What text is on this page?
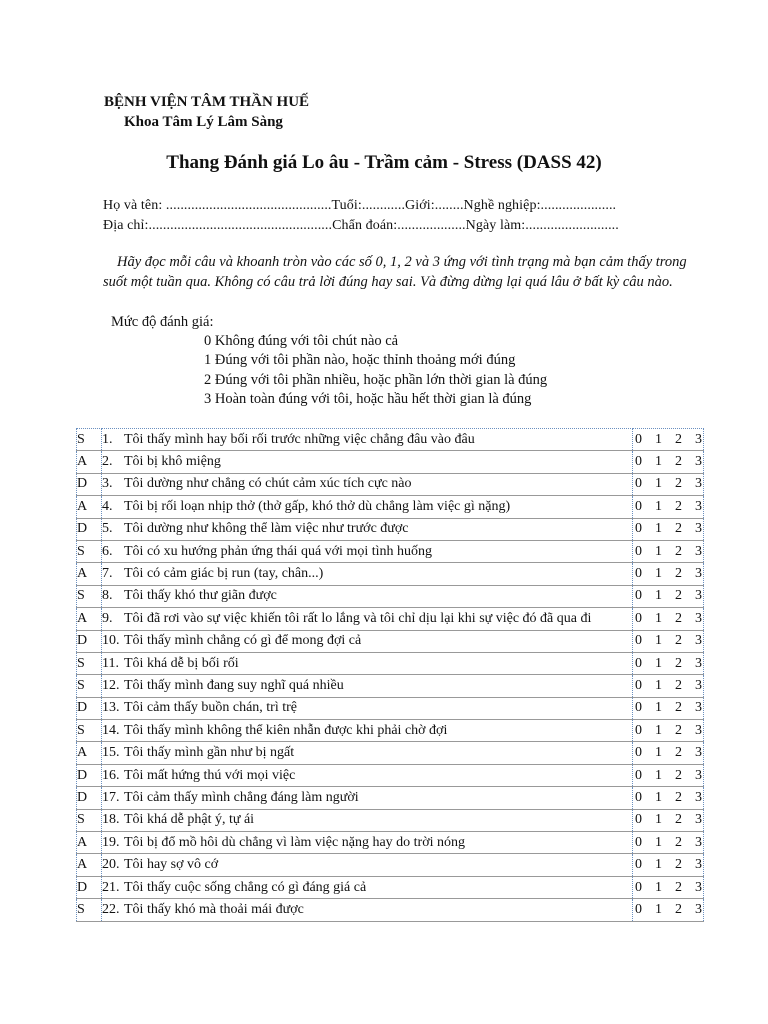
BỆNH VIỆN TÂM THẦN HUẾ
Khoa Tâm Lý Lâm Sàng
Thang Đánh giá Lo âu - Trầm cảm - Stress (DASS 42)
Họ và tên: ..............................................Tuổi:............Giới:........Nghề nghiệp:.....................
Địa chỉ:...................................................Chẩn đoán:...................Ngày làm:..........................
Hãy đọc mỗi câu và khoanh tròn vào các số 0, 1, 2 và 3 ứng với tình trạng mà bạn cảm thấy trong suốt một tuần qua. Không có câu trả lời đúng hay sai. Và đừng dừng lại quá lâu ở bất kỳ câu nào.
Mức độ đánh giá:
0 Không đúng với tôi chút nào cả
1 Đúng với tôi phần nào, hoặc thỉnh thoảng mới đúng
2 Đúng với tôi phần nhiều, hoặc phần lớn thời gian là đúng
3 Hoàn toàn đúng với tôi, hoặc hầu hết thời gian là đúng
S	1. Tôi thấy mình hay bối rối trước những việc chẳng đâu vào đâu	0 1 2 3

A	2. Tôi bị khô miệng	0 1 2 3

D	3. Tôi dường như chẳng có chút cảm xúc tích cực nào	0 1 2 3

A	4. Tôi bị rối loạn nhịp thở (thở gấp, khó thở dù chẳng làm việc gì nặng)	0 1 2 3

D	5. Tôi dường như không thể làm việc như trước được	0 1 2 3

S	6. Tôi có xu hướng phản ứng thái quá với mọi tình huống	0 1 2 3

A	7. Tôi có cảm giác bị run (tay, chân...)	0 1 2 3

S	8. Tôi thấy khó thư giãn được	0 1 2 3

A	9. Tôi đã rơi vào sự việc khiến tôi rất lo lắng và tôi chỉ dịu lại khi sự việc đó đã qua đi	0 1 2 3

D	10. Tôi thấy mình chẳng có gì để mong đợi cả	0 1 2 3

S	11. Tôi khá dễ bị bối rối	0 1 2 3

S	12. Tôi thấy mình đang suy nghĩ quá nhiều	0 1 2 3

D	13. Tôi cảm thấy buồn chán, trì trệ	0 1 2 3

S	14. Tôi thấy mình không thể kiên nhẫn được khi phải chờ đợi	0 1 2 3

A	15. Tôi thấy mình gần như bị ngất	0 1 2 3

D	16. Tôi mất hứng thú với mọi việc	0 1 2 3

D	17. Tôi cảm thấy mình chẳng đáng làm người	0 1 2 3

S	18. Tôi khá dễ phật ý, tự ái	0 1 2 3

A	19. Tôi bị đổ mồ hôi dù chẳng vì làm việc nặng hay do trời nóng	0 1 2 3

A	20. Tôi hay sợ vô cớ	0 1 2 3

D	21. Tôi thấy cuộc sống chẳng có gì đáng giá cả	0 1 2 3

S	22. Tôi thấy khó mà thoải mái được	0 1 2 3
